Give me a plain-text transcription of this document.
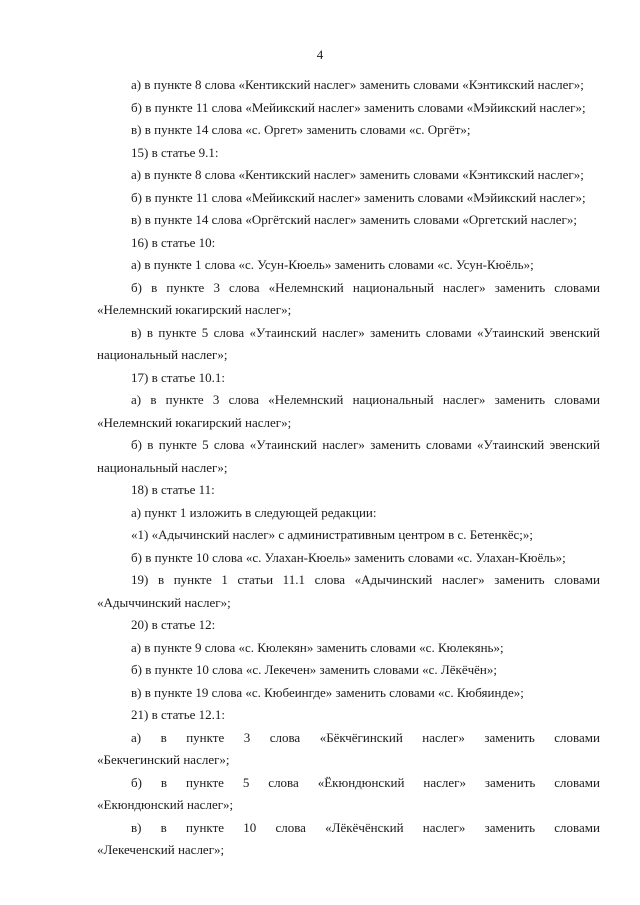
4
а) в пункте 8 слова «Кентикский наслег» заменить словами «Кэнтикский наслег»;
б) в пункте 11 слова «Мейикский наслег» заменить словами «Мэйикский наслег»;
в) в пункте 14 слова «с. Оргет» заменить словами «с. Оргёт»;
15) в статье 9.1:
а) в пункте 8 слова «Кентикский наслег» заменить словами «Кэнтикский наслег»;
б) в пункте 11 слова «Мейикский наслег» заменить словами «Мэйикский наслег»;
в) в пункте 14 слова «Оргётский наслег» заменить словами «Оргетский наслег»;
16) в статье 10:
а) в пункте 1 слова «с. Усун-Кюель» заменить словами «с. Усун-Кюёль»;
б) в пункте 3 слова «Нелемнский национальный наслег» заменить словами
«Нелемнский юкагирский наслег»;
в) в пункте 5 слова «Утаинский наслег» заменить словами «Утаинский эвенский
национальный наслег»;
17) в статье 10.1:
а) в пункте 3 слова «Нелемнский национальный наслег» заменить словами
«Нелемнский юкагирский наслег»;
б) в пункте 5 слова «Утаинский наслег» заменить словами «Утаинский эвенский
национальный наслег»;
18) в статье 11:
а) пункт 1 изложить в следующей редакции:
«1) «Адычинский наслег» с административным центром в с. Бетенкёс;»;
б) в пункте 10 слова «с. Улахан-Кюель» заменить словами «с. Улахан-Кюёль»;
19) в пункте 1 статьи 11.1 слова «Адычинский наслег» заменить словами
«Адыччинский наслег»;
20) в статье 12:
а) в пункте 9 слова «с. Кюлекян» заменить словами «с. Кюлекянь»;
б) в пункте 10 слова «с. Лекечен» заменить словами «с. Лёкёчён»;
в) в пункте 19 слова «с. Кюбеингде» заменить словами «с. Кюбяинде»;
21) в статье 12.1:
а) в пункте 3 слова «Бёкчёгинский наслег» заменить словами
«Бекчегинский наслег»;
б) в пункте 5 слова «Ёкюндюнский наслег» заменить словами
«Екюндюнский наслег»;
в) в пункте 10 слова «Лёкёчёнский наслег» заменить словами
«Лекеченский наслег»;
